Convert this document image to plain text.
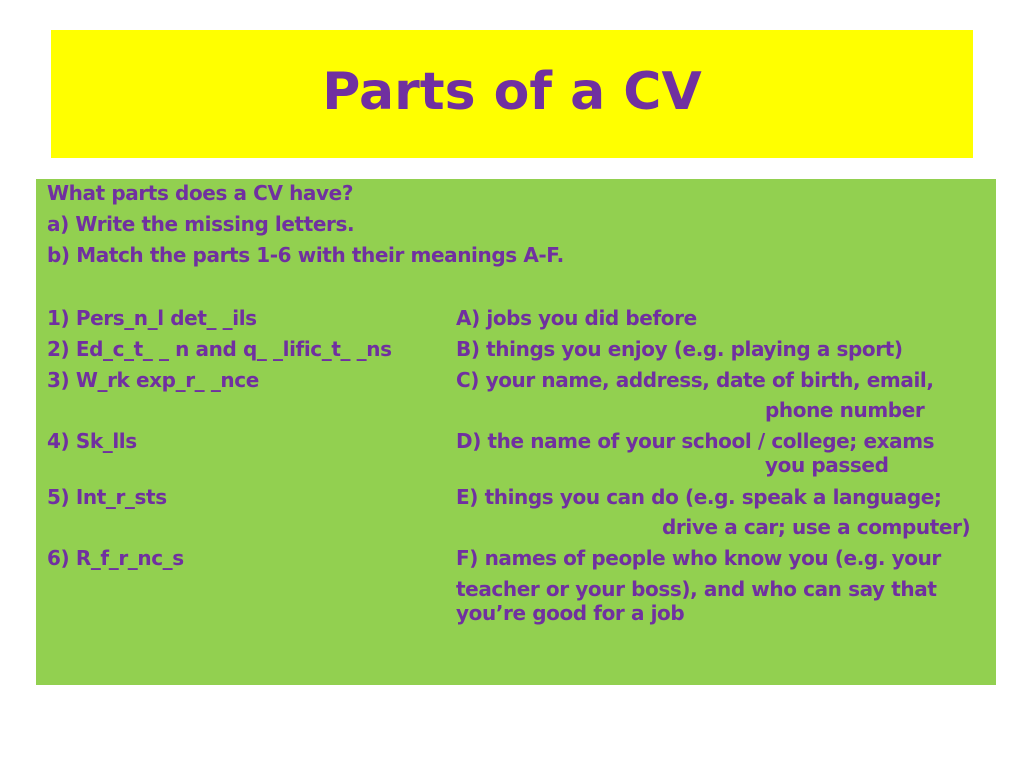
Parts of a CV
What parts does a CV have?
a) Write the missing letters.
b) Match the parts 1-6 with their meanings A-F.
1) Pers_n_l det_ _ils	A) jobs you did before
2) Ed_c_t_ _ n and q_ _lific_t_ _ns	B) things you enjoy (e.g. playing a sport)
3) W_rk exp_r_ _nce	C) your name, address, date of birth, email,
phone number
4) Sk_lls	D) the name of your school / college; exams
you passed
5) Int_r_sts	E) things you can do (e.g. speak a language;
drive a car; use a computer)
6) R_f_r_nc_s	F) names of people who know you (e.g. your
teacher or your boss), and who can say that
you’re good for a job
